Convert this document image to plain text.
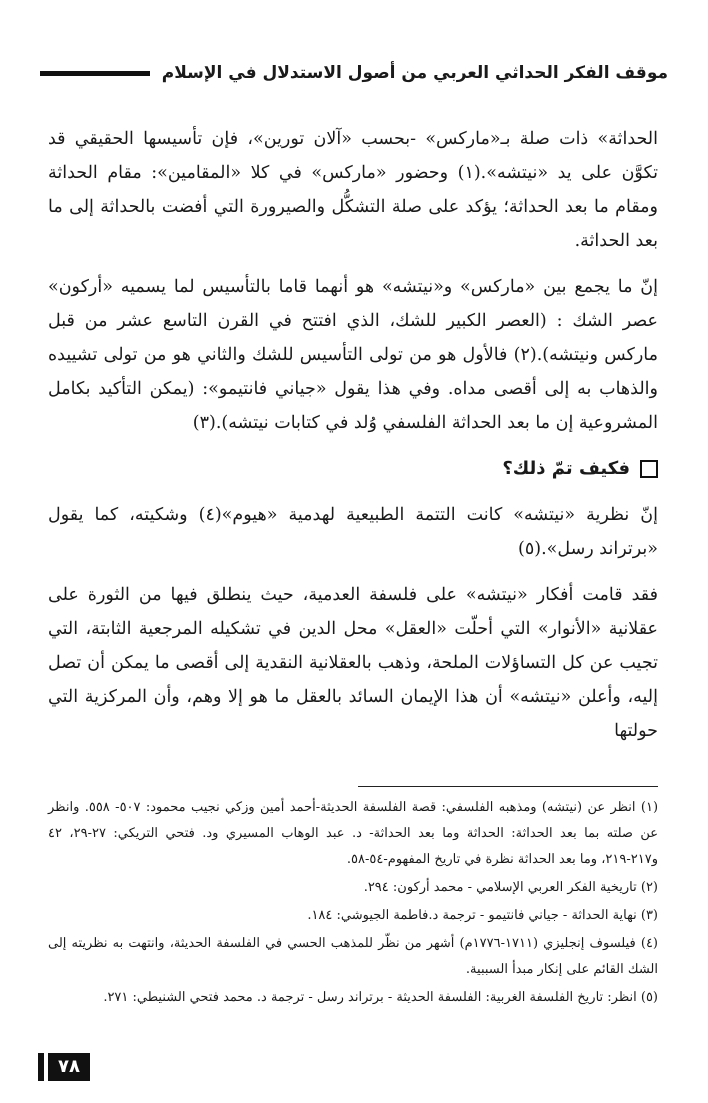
موقف الفكر الحداثي العربي من أصول الاستدلال في الإسلام

الحداثة» ذات صلة بـ«ماركس» -بحسب «آلان تورين»، فإن تأسيسها الحقيقي قد تكوَّن على يد «نيتشه».(١) وحضور «ماركس» في كلا «المقامين»: مقام الحداثة ومقام ما بعد الحداثة؛ يؤكد على صلة التشكُّل والصيرورة التي أفضت بالحداثة إلى ما بعد الحداثة.

إنّ ما يجمع بين «ماركس» و«نيتشه» هو أنهما قاما بالتأسيس لما يسميه «أركون» عصر الشك : (العصر الكبير للشك، الذي افتتح في القرن التاسع عشر من قبل ماركس ونيتشه).(٢) فالأول هو من تولى التأسيس للشك والثاني هو من تولى تشييده والذهاب به إلى أقصى مداه. وفي هذا يقول «جياني فانتيمو»: (يمكن التأكيد بكامل المشروعية إن ما بعد الحداثة الفلسفي وُلد في كتابات نيتشه).(٣)

فكيف تمّ ذلك؟

إنّ نظرية «نيتشه» كانت التتمة الطبيعية لهدمية «هيوم»(٤) وشكيته، كما يقول «برتراند رسل».(٥)

فقد قامت أفكار «نيتشه» على فلسفة العدمية، حيث ينطلق فيها من الثورة على عقلانية «الأنوار» التي أحلّت «العقل» محل الدين في تشكيله المرجعية الثابتة، التي تجيب عن كل التساؤلات الملحة، وذهب بالعقلانية النقدية إلى أقصى ما يمكن أن تصل إليه، وأعلن «نيتشه» أن هذا الإيمان السائد بالعقل ما هو إلا وهم، وأن المركزية التي حولتها

(١) انظر عن (نيتشه) ومذهبه الفلسفي: قصة الفلسفة الحديثة-أحمد أمين وزكي نجيب محمود: ٥٠٧- ٥٥٨. وانظر عن صلته بما بعد الحداثة: الحداثة وما بعد الحداثة- د. عبد الوهاب المسيري ود. فتحي التريكي: ٢٧-٢٩، ٤٢ و٢١٧-٢١٩، وما بعد الحداثة نظرة في تاريخ المفهوم-٥٤-٥٨.

(٢) تاريخية الفكر العربي الإسلامي - محمد أركون: ٢٩٤.

(٣) نهاية الحداثة - جياني فانتيمو - ترجمة د.فاطمة الجيوشي: ١٨٤.

(٤) فيلسوف إنجليزي (١٧١١-١٧٧٦م) أشهر من نظّر للمذهب الحسي في الفلسفة الحديثة، وانتهت به نظريته إلى الشك القائم على إنكار مبدأ السببية.

(٥) انظر: تاريخ الفلسفة الغربية: الفلسفة الحديثة - برتراند رسل - ترجمة د. محمد فتحي الشنيطي: ٢٧١.

٧٨
